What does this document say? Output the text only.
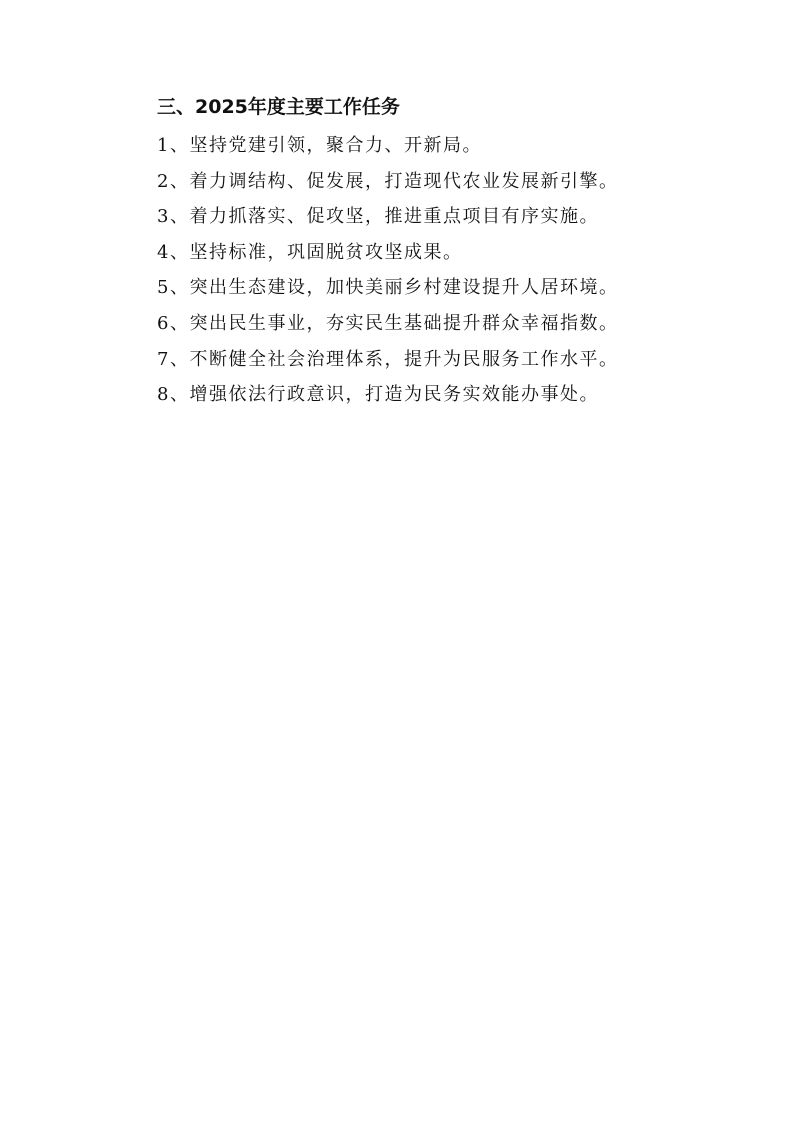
三、2025年度主要工作任务
1、坚持党建引领，聚合力、开新局。
2、着力调结构、促发展，打造现代农业发展新引擎。
3、着力抓落实、促攻坚，推进重点项目有序实施。
4、坚持标准，巩固脱贫攻坚成果。
5、突出生态建设，加快美丽乡村建设提升人居环境。
6、突出民生事业，夯实民生基础提升群众幸福指数。
7、不断健全社会治理体系，提升为民服务工作水平。
8、增强依法行政意识，打造为民务实效能办事处。
